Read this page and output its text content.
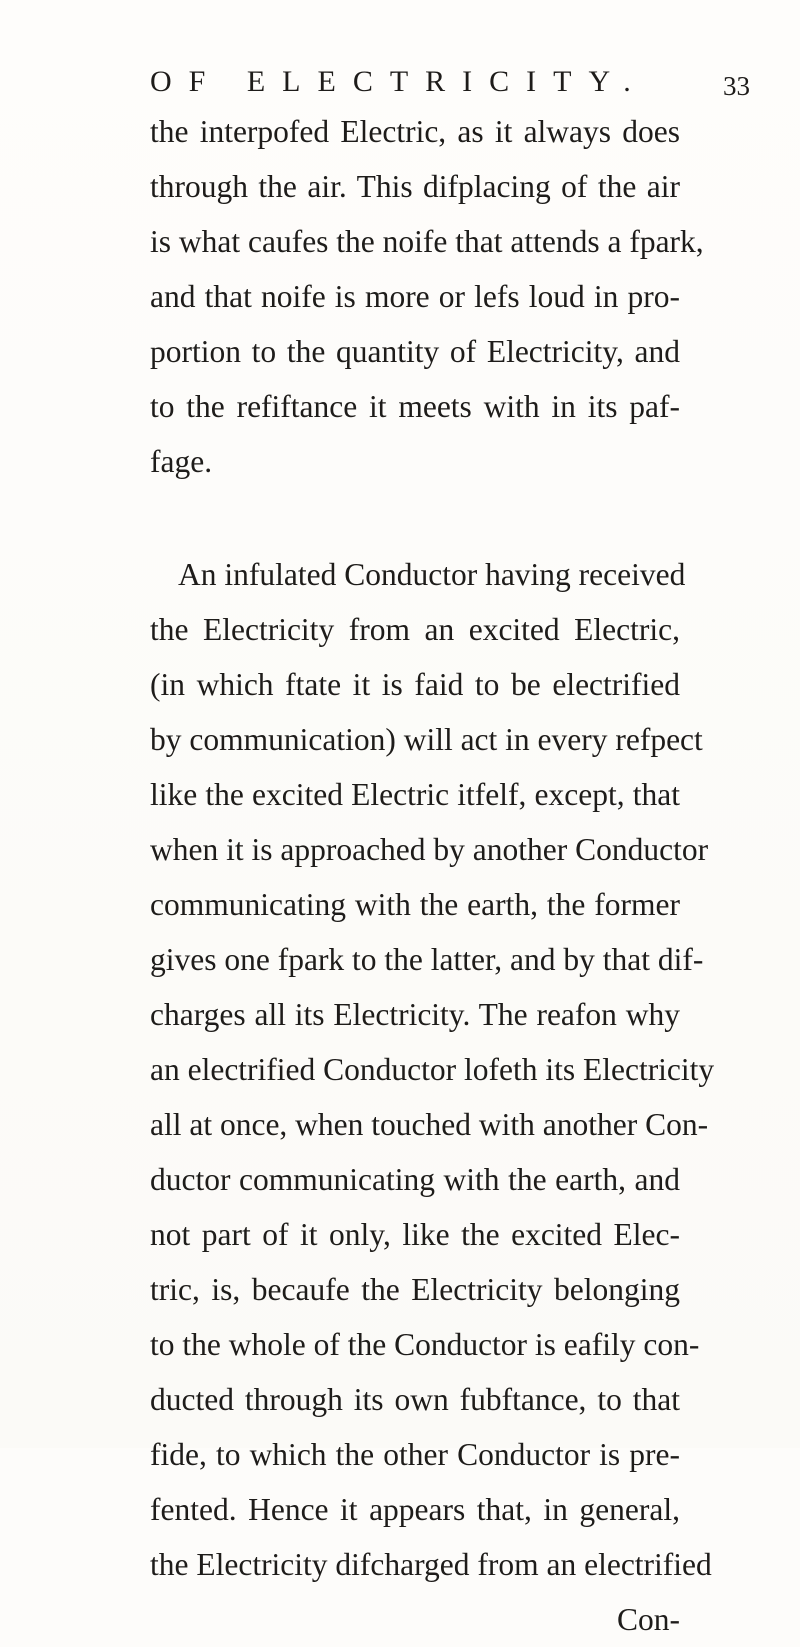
OF ELECTRICITY.	33
the interpofed Electric, as it always does
through the air. This difplacing of the air
is what caufes the noife that attends a fpark,
and that noife is more or lefs loud in pro-
portion to the quantity of Electricity, and
to the refiftance it meets with in its paf-
fage.
An infulated Conductor having received
the Electricity from an excited Electric,
(in which ftate it is faid to be electrified
by communication) will act in every refpect
like the excited Electric itfelf, except, that
when it is approached by another Conductor
communicating with the earth, the former
gives one fpark to the latter, and by that dif-
charges all its Electricity. The reafon why
an electrified Conductor lofeth its Electricity
all at once, when touched with another Con-
ductor communicating with the earth, and
not part of it only, like the excited Elec-
tric, is, becaufe the Electricity belonging
to the whole of the Conductor is eafily con-
ducted through its own fubftance, to that
fide, to which the other Conductor is pre-
fented. Hence it appears that, in general,
the Electricity difcharged from an electrified
Con-
